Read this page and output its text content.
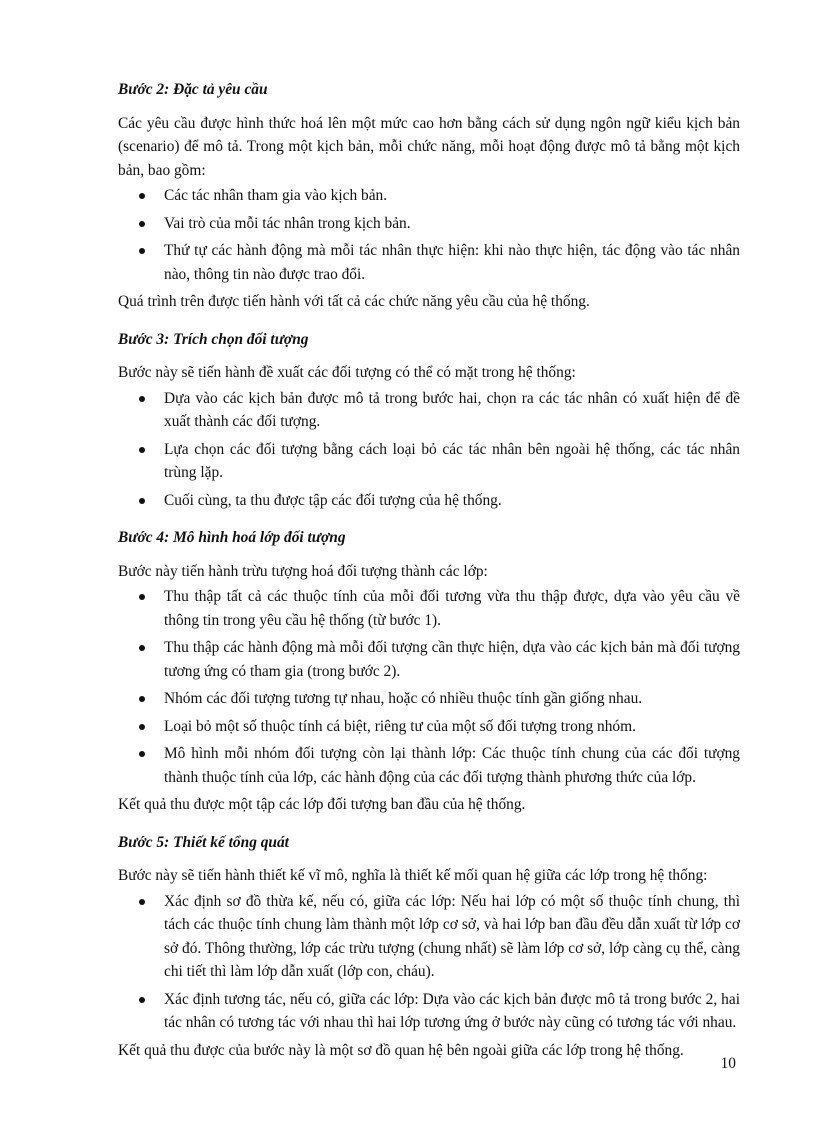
Bước 2: Đặc tả yêu cầu

Các yêu cầu được hình thức hoá lên một mức cao hơn bằng cách sử dụng ngôn ngữ kiểu kịch bản (scenario) để mô tả. Trong một kịch bản, mỗi chức năng, mỗi hoạt động được mô tả bằng một kịch bản, bao gồm:

Các tác nhân tham gia vào kịch bản.
Vai trò của mỗi tác nhân trong kịch bản.
Thứ tự các hành động mà mỗi tác nhân thực hiện: khi nào thực hiện, tác động vào tác nhân nào, thông tin nào được trao đổi.

Quá trình trên được tiến hành với tất cả các chức năng yêu cầu của hệ thống.

Bước 3: Trích chọn đối tượng

Bước này sẽ tiến hành đề xuất các đối tượng có thể có mặt trong hệ thống:

Dựa vào các kịch bản được mô tả trong bước hai, chọn ra các tác nhân có xuất hiện để đề xuất thành các đối tượng.
Lựa chọn các đối tượng bằng cách loại bỏ các tác nhân bên ngoài hệ thống, các tác nhân trùng lặp.
Cuối cùng, ta thu được tập các đối tượng của hệ thống.

Bước 4: Mô hình hoá lớp đối tượng

Bước này tiến hành trừu tượng hoá đối tượng thành các lớp:

Thu thập tất cả các thuộc tính của mỗi đối tương vừa thu thập được, dựa vào yêu cầu về thông tin trong yêu cầu hệ thống (từ bước 1).
Thu thập các hành động mà mỗi đối tượng cần thực hiện, dựa vào các kịch bản mà đối tượng tương ứng có tham gia (trong bước 2).
Nhóm các đối tượng tương tự nhau, hoặc có nhiều thuộc tính gần giống nhau.
Loại bỏ một số thuộc tính cá biệt, riêng tư của một số đối tượng trong nhóm.
Mô hình mỗi nhóm đối tượng còn lại thành lớp: Các thuộc tính chung của các đối tượng thành thuộc tính của lớp, các hành động của các đối tượng thành phương thức của lớp.

Kết quả thu được một tập các lớp đối tượng ban đầu của hệ thống.

Bước 5: Thiết kế tổng quát

Bước này sẽ tiến hành thiết kế vĩ mô, nghĩa là thiết kế mối quan hệ giữa các lớp trong hệ thống:

Xác định sơ đồ thừa kế, nếu có, giữa các lớp: Nếu hai lớp có một số thuộc tính chung, thì tách các thuộc tính chung làm thành một lớp cơ sở, và hai lớp ban đầu đều dẫn xuất từ lớp cơ sở đó. Thông thường, lớp các trừu tượng (chung nhất) sẽ làm lớp cơ sở, lớp càng cụ thể, càng chi tiết thì làm lớp dẫn xuất (lớp con, cháu).
Xác định tương tác, nếu có, giữa các lớp: Dựa vào các kịch bản được mô tả trong bước 2, hai tác nhân có tương tác với nhau thì hai lớp tương ứng ở bước này cũng có tương tác với nhau.

Kết quả thu được của bước này là một sơ đồ quan hệ bên ngoài giữa các lớp trong hệ thống.

10
